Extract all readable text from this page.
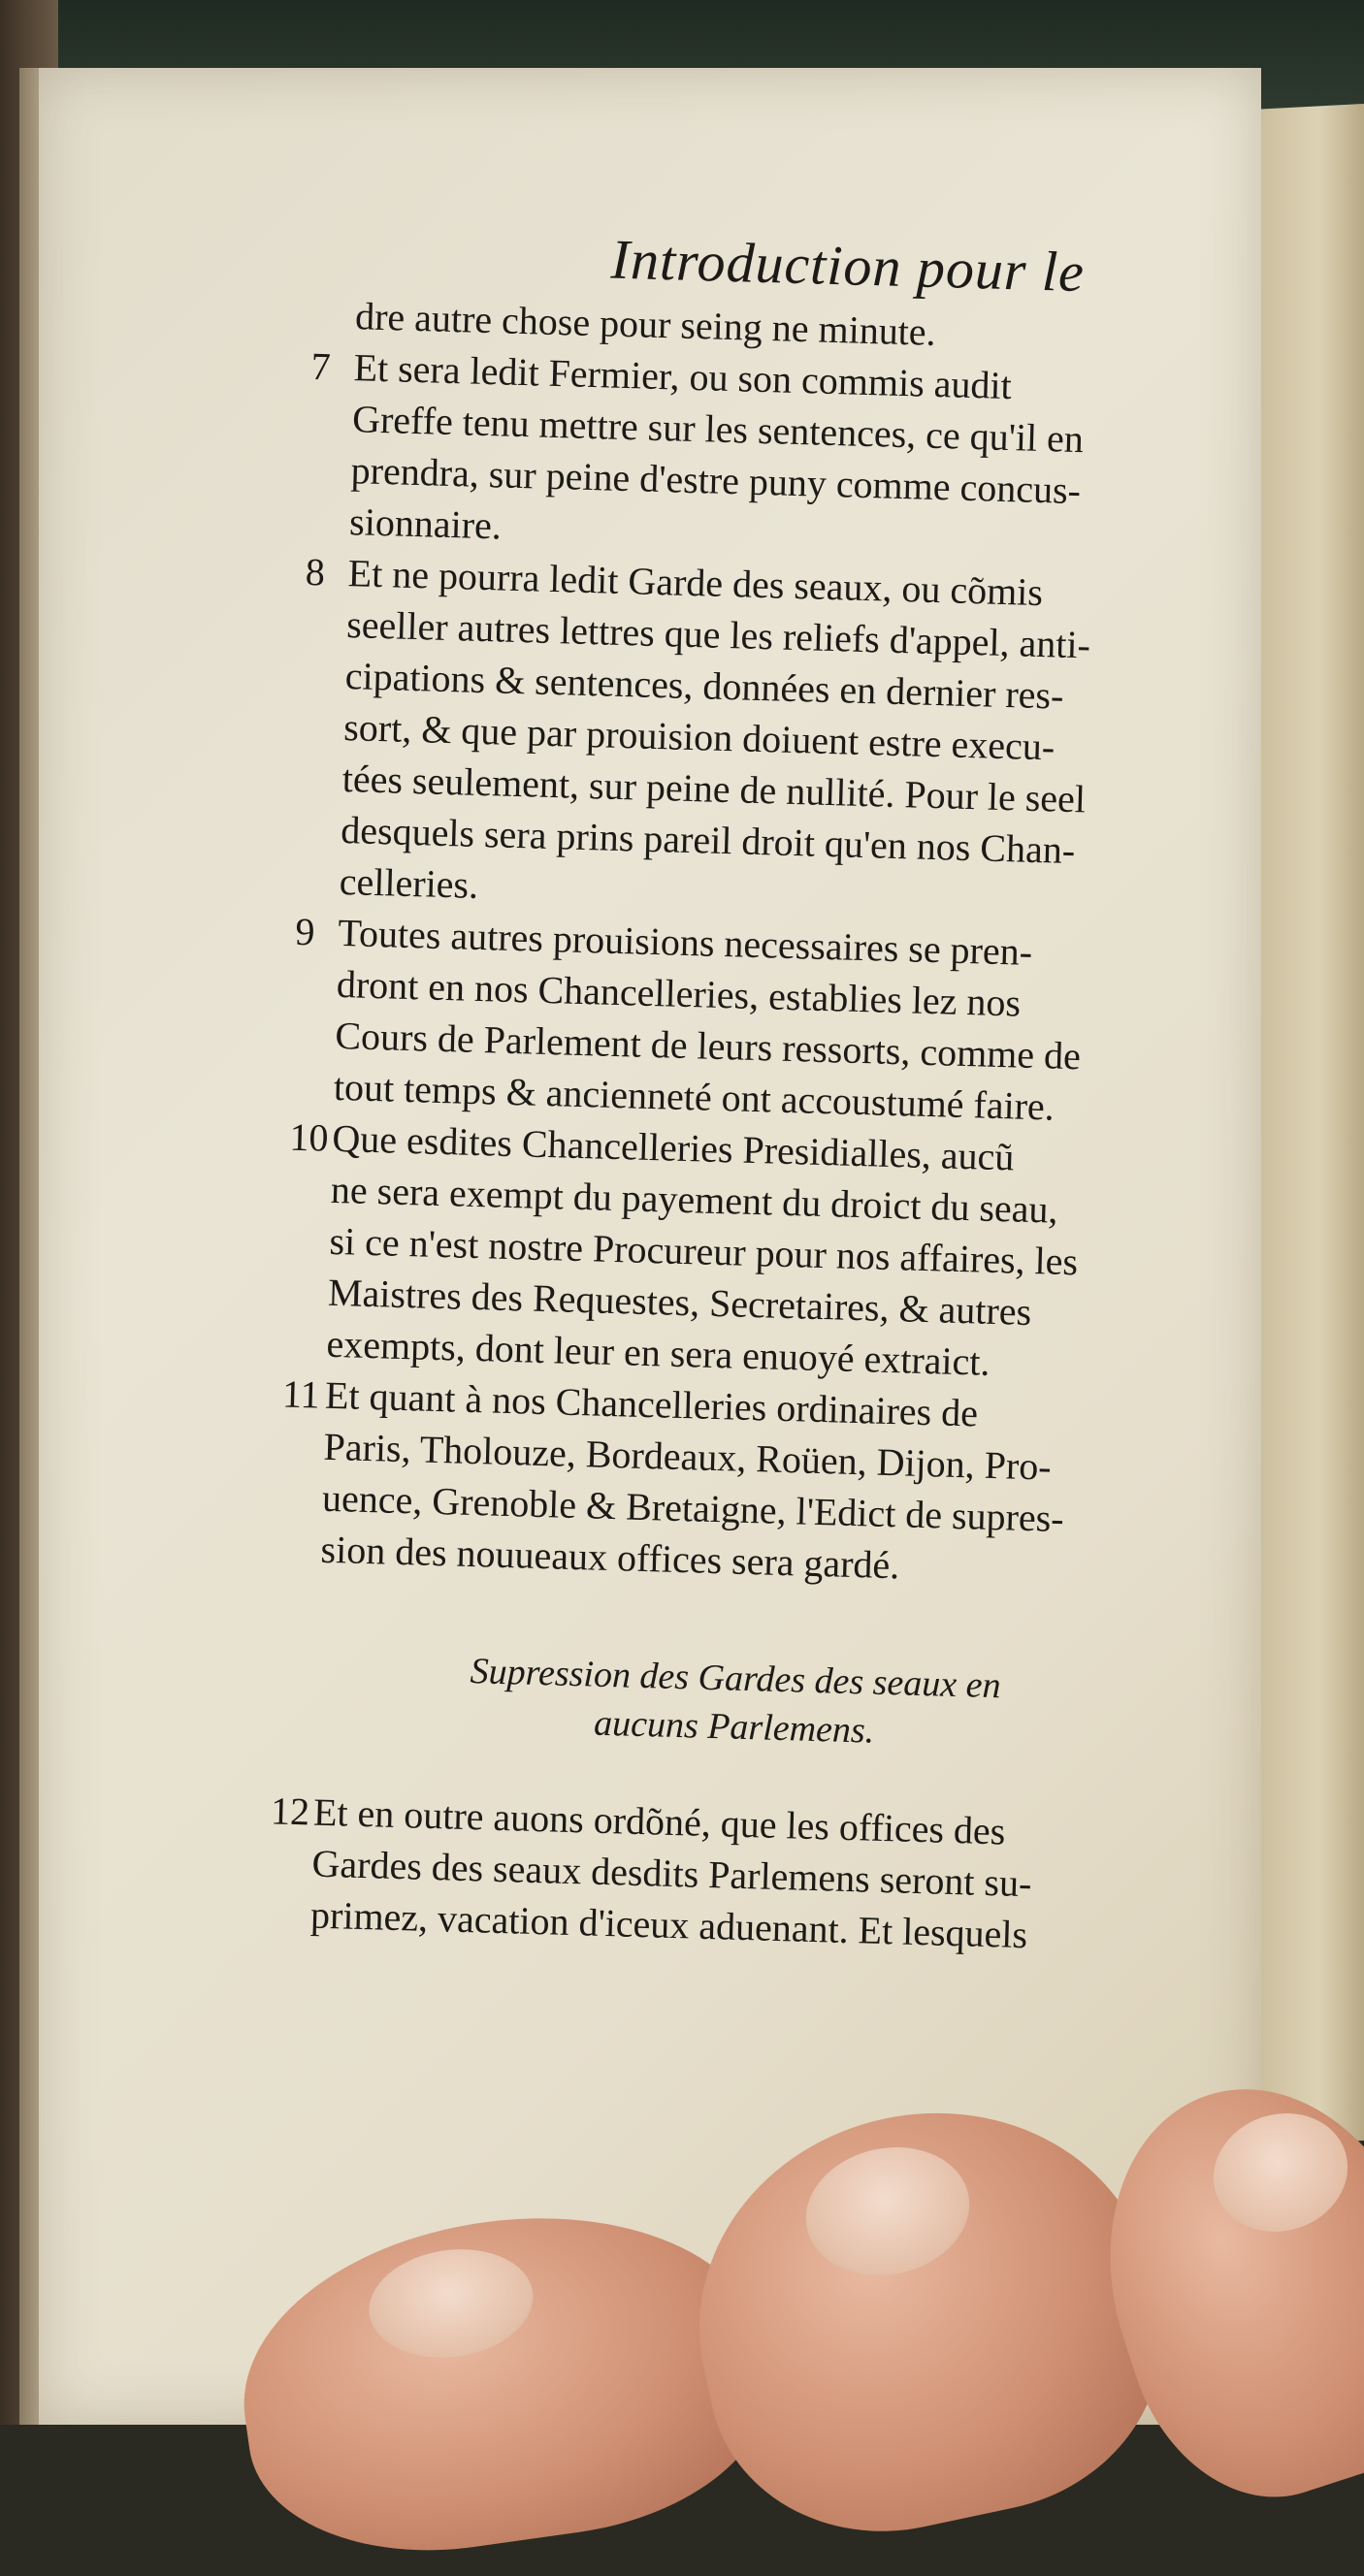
Introduction pour le

dre autre chose pour seing ne minute.

7 Et sera ledit Fermier, ou son commis audit

Greffe tenu mettre sur les sentences, ce qu'il en

prendra, sur peine d'estre puny comme concus-

sionnaire.

8 Et ne pourra ledit Garde des seaux, ou cõmis

seeller autres lettres que les reliefs d'appel, anti-

cipations & sentences, données en dernier res-

sort, & que par prouision doiuent estre execu-

tées seulement, sur peine de nullité. Pour le seel

desquels sera prins pareil droit qu'en nos Chan-

celleries.

9 Toutes autres prouisions necessaires se pren-

dront en nos Chancelleries, establies lez nos

Cours de Parlement de leurs ressorts, comme de

tout temps & ancienneté ont accoustumé faire.

10Que esdites Chancelleries Presidialles, aucũ

ne sera exempt du payement du droict du seau,

si ce n'est nostre Procureur pour nos affaires, les

Maistres des Requestes, Secretaires, & autres

exempts, dont leur en sera enuoyé extraict.

11 Et quant à nos Chancelleries ordinaires de

Paris, Tholouze, Bordeaux, Roüen, Dijon, Pro-

uence, Grenoble & Bretaigne, l'Edict de supres-

sion des nouueaux offices sera gardé.

Supression des Gardes des seaux en
aucuns Parlemens.

12Et en outre auons ordõné, que les offices des

Gardes des seaux desdits Parlemens seront su-

primez, vacation d'iceux aduenant. Et lesquels
